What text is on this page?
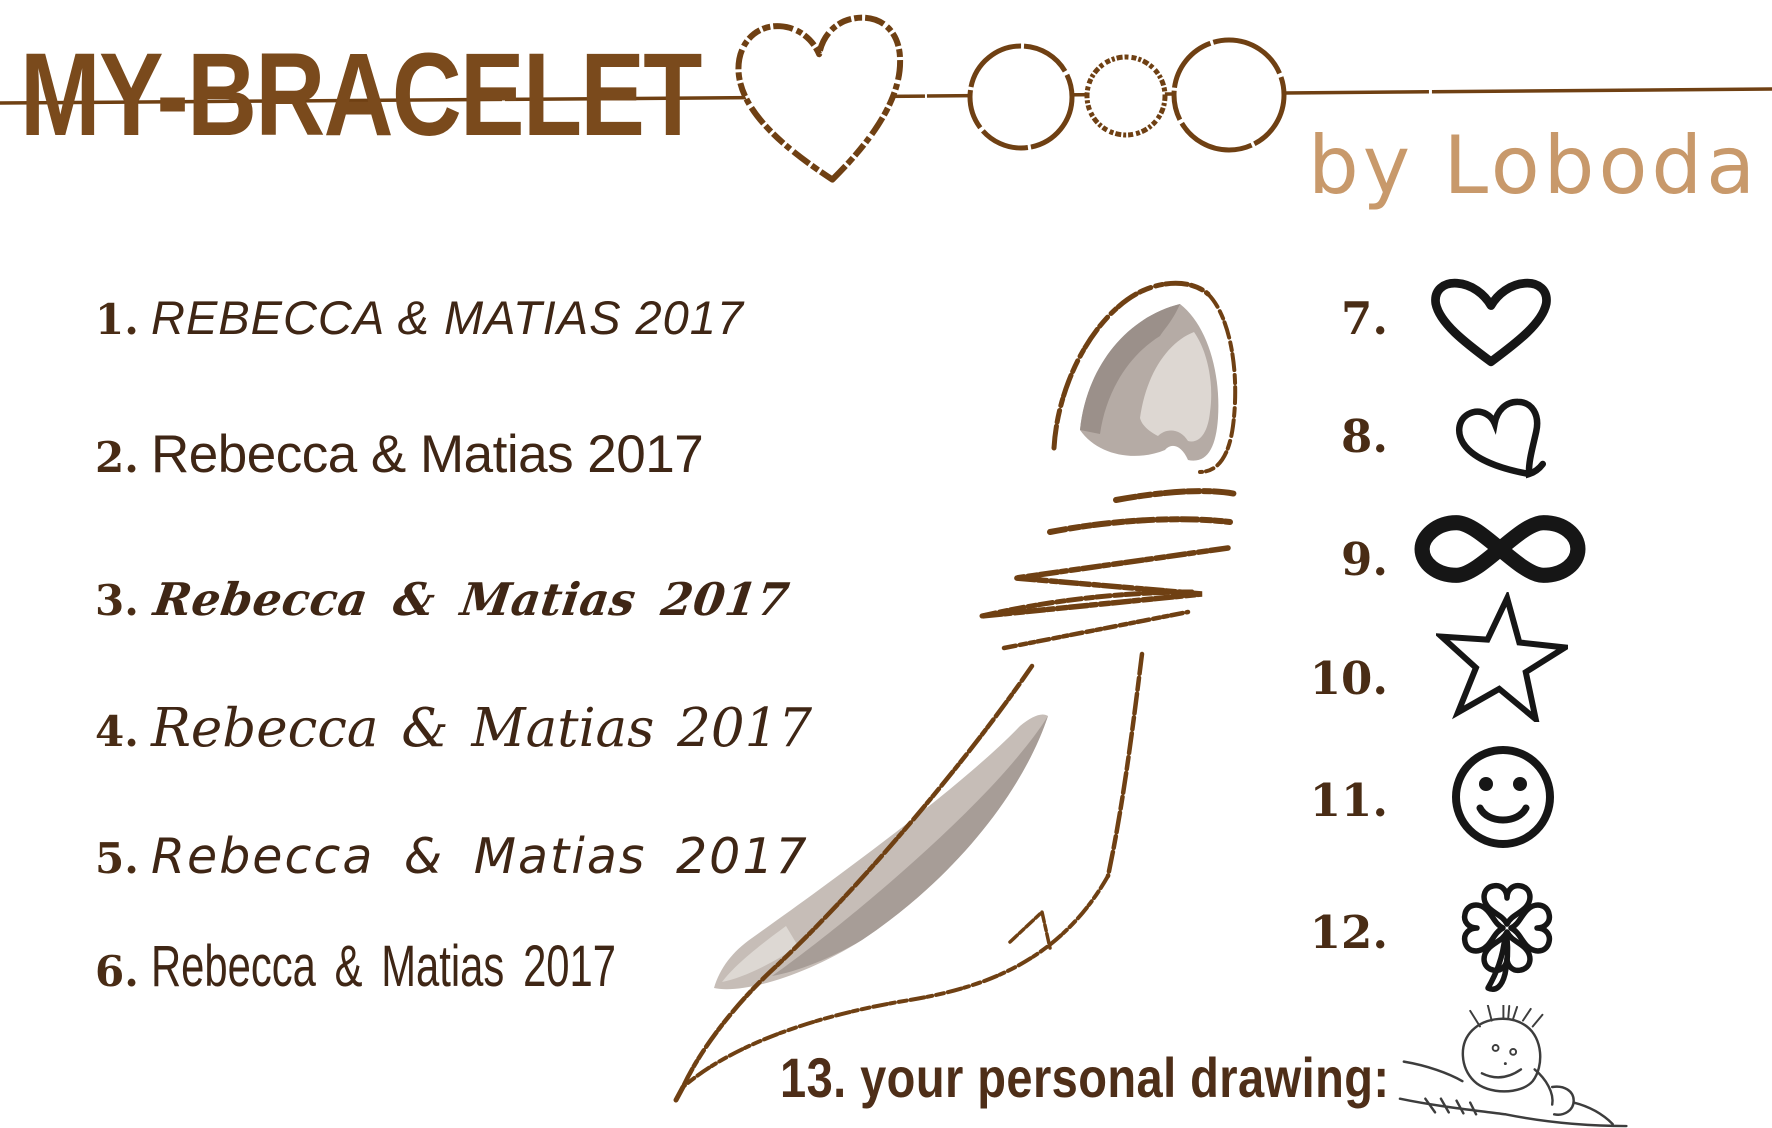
MY-BRACELET
by Loboda
1. REBECCA & MATIAS 2017
2. Rebecca & Matias 2017
3. Rebecca & Matias 2017
4. Rebecca & Matias 2017
5. Rebecca & Matias 2017
6. Rebecca & Matias 2017
7.
8.
9.
10.
11.
12.
13. your personal drawing:
